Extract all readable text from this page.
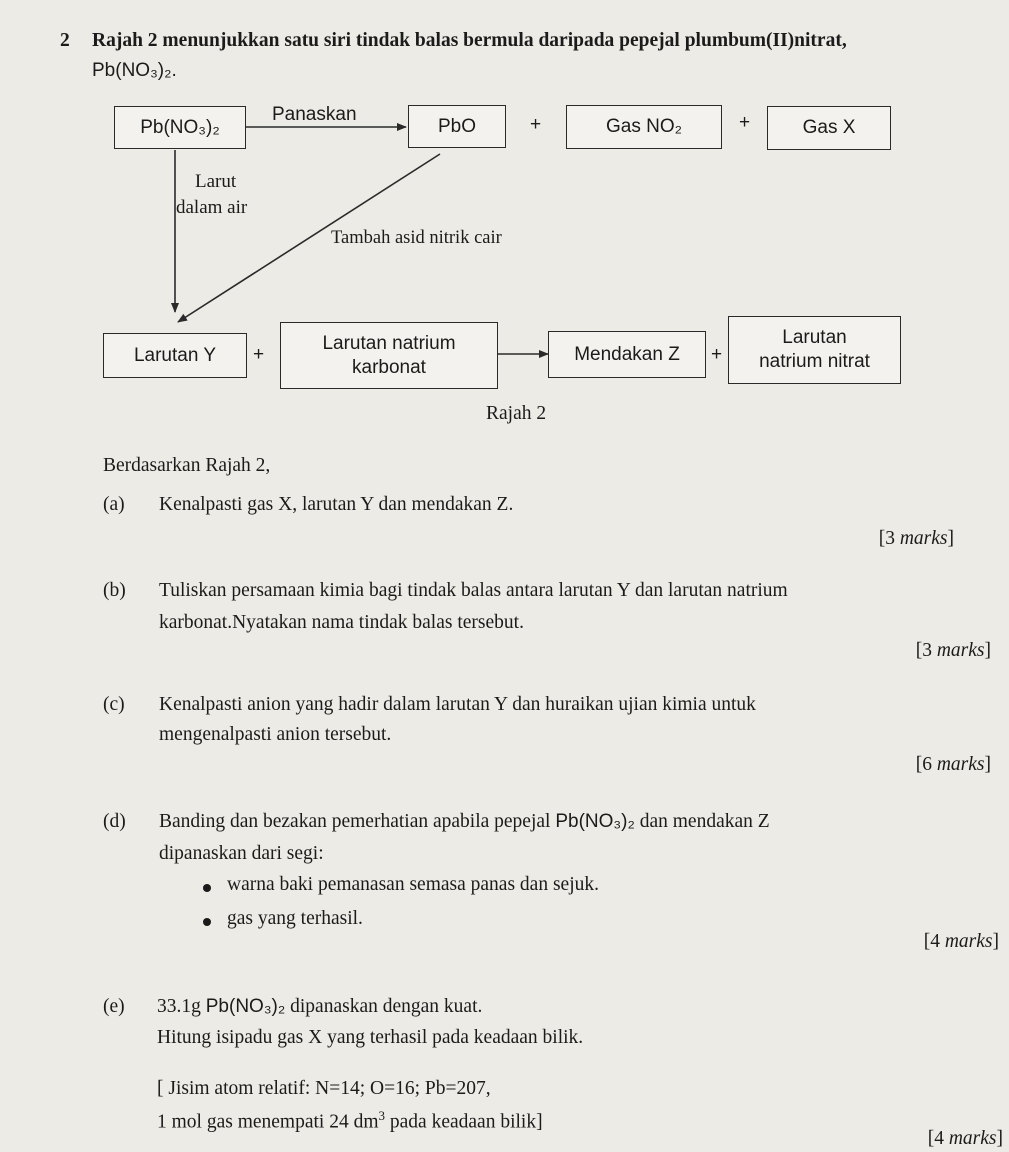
2 Rajah 2 menunjukkan satu siri tindak balas bermula daripada pepejal plumbum(II)nitrat,
Pb(NO₃)₂.
Pb(NO₃)₂
Panaskan
PbO	+	Gas NO₂	+	Gas X
Larut
dalam air
Tambah asid nitrik cair
Larutan Y +
Larutan natrium
karbonat
Mendakan Z +
Larutan
natrium nitrat
Rajah 2
Berdasarkan Rajah 2,
(a) Kenalpasti gas X, larutan Y dan mendakan Z.
[3 marks]
(b) Tuliskan persamaan kimia bagi tindak balas antara larutan Y dan larutan natrium
karbonat.Nyatakan nama tindak balas tersebut.
[3 marks]
(c) Kenalpasti anion yang hadir dalam larutan Y dan huraikan ujian kimia untuk
mengenalpasti anion tersebut.
[6 marks]
(d) Banding dan bezakan pemerhatian apabila pepejal Pb(NO₃)₂ dan mendakan Z
dipanaskan dari segi:
warna baki pemanasan semasa panas dan sejuk.
gas yang terhasil.
[4 marks]
(e) 33.1g Pb(NO₃)₂ dipanaskan dengan kuat.
Hitung isipadu gas X yang terhasil pada keadaan bilik.
[ Jisim atom relatif: N=14; O=16; Pb=207,
1 mol gas menempati 24 $dm^3$ pada keadaan bilik]
[4 marks]
